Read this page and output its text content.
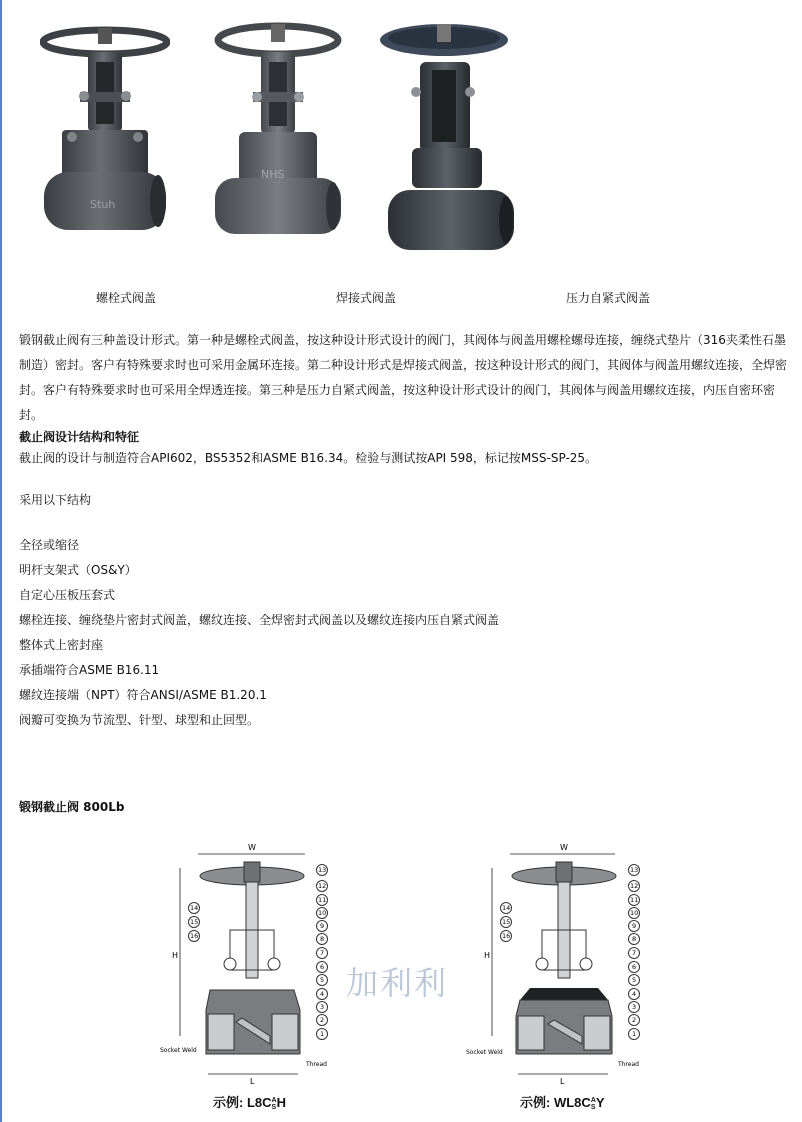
Stuh
NHS
螺栓式阀盖	焊接式阀盖	压力自紧式阀盖

锻钢截止阀有三种盖设计形式。第一种是螺栓式阀盖，按这种设计形式设计的阀门，其阀体与阀盖用螺栓螺母连接，缠绕式垫片（316夹柔性石墨制造）密封。客户有特殊要求时也可采用金属环连接。第二种设计形式是焊接式阀盖，按这种设计形式的阀门，其阀体与阀盖用螺纹连接，全焊密封。客户有特殊要求时也可采用全焊透连接。第三种是压力自紧式阀盖，按这种设计形式设计的阀门，其阀体与阀盖用螺纹连接，内压自密环密封。

截止阀设计结构和特征
截止阀的设计与制造符合API602，BS5352和ASME B16.34。检验与测试按API 598，标记按MSS-SP-25。
采用以下结构
全径或缩径
明杆支架式（OS&Y）
自定心压板压套式
螺栓连接、缠绕垫片密封式阀盖，螺纹连接、全焊密封式阀盖以及螺纹连接内压自紧式阀盖
整体式上密封座
承插端符合ASME B16.11
螺纹连接端（NPT）符合ANSI/ASME B1.20.1
阀瓣可变换为节流型、针型、球型和止回型。
锻钢截止阀 800Lb
W
H
L
Socket Weld
Thread
13
12
11
10
9
8
7
6
5
4
3
2
1
14
15
16
W
H
L
Socket Weld
Thread
13
12
11
10
9
8
7
6
5
4
3
2
1
14
15
16
加利利
示例: L8C A
S H	示例: WL8C A
S Y
